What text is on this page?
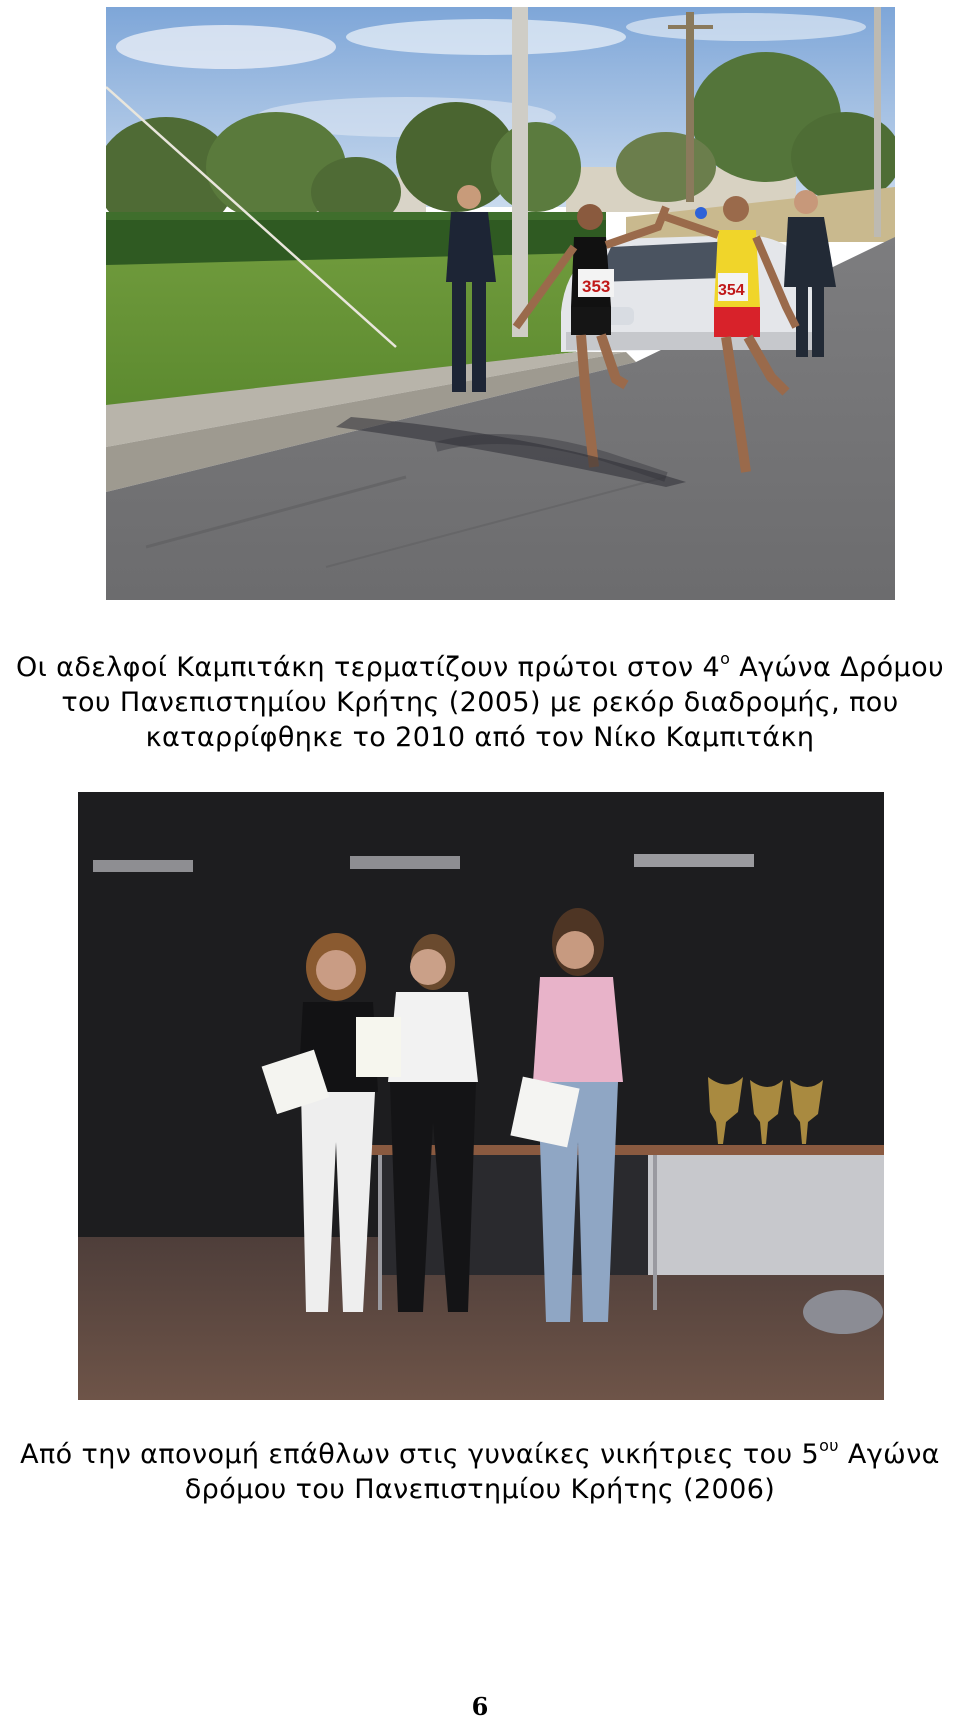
353	354

Οι αδελφοί Καμπιτάκη τερματίζουν πρώτοι στον $4^o$ Αγώνα Δρόμου
του Πανεπιστημίου Κρήτης (2005) με ρεκόρ διαδρομής, που
καταρρίφθηκε το 2010 από τον Νίκο Καμπιτάκη

Από την απονομή επάθλων στις γυναίκες νικήτριες του $5^{o\upsilon}$ Αγώνα
δρόμου του Πανεπιστημίου Κρήτης (2006)

6
